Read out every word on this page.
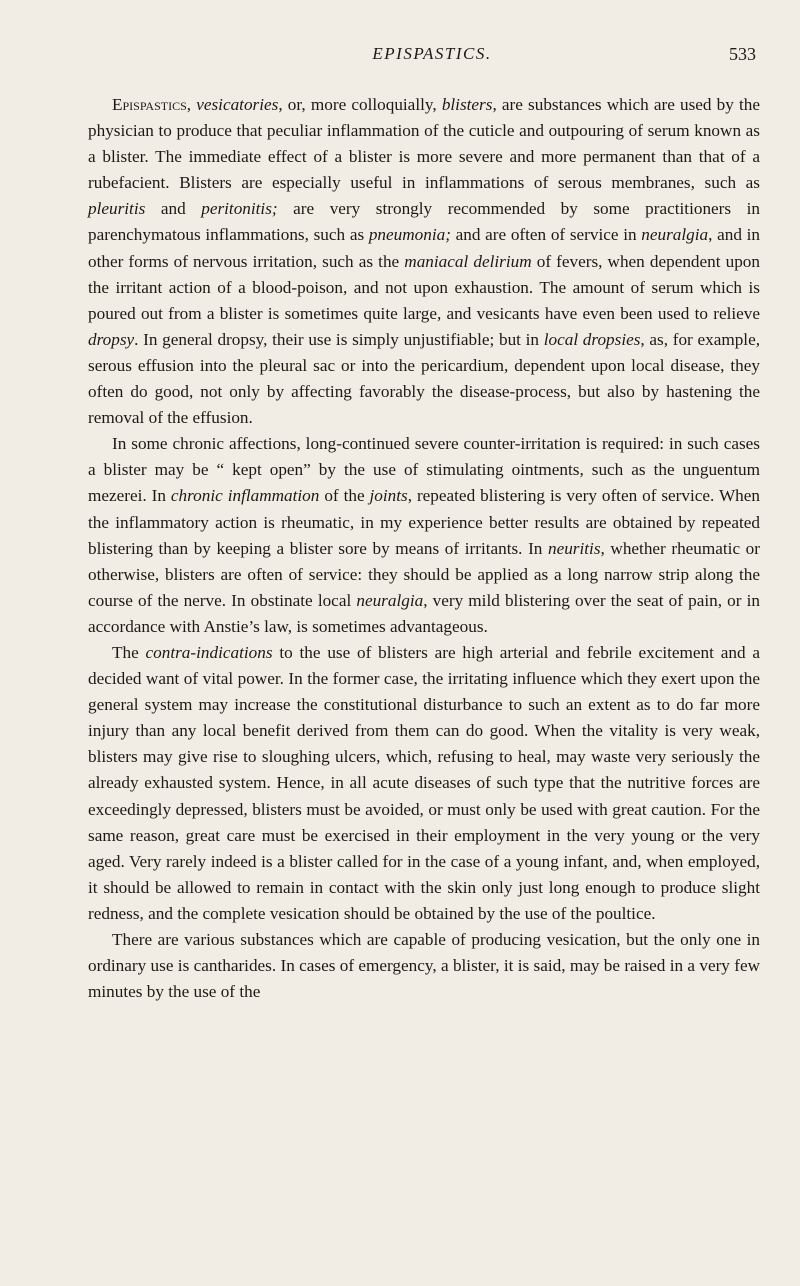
EPISPASTICS.	533

Epispastics, vesicatories, or, more colloquially, blisters, are substances which are used by the physician to produce that peculiar inflammation of the cuticle and outpouring of serum known as a blister. The immediate effect of a blister is more severe and more permanent than that of a rubefacient. Blisters are especially useful in inflammations of serous membranes, such as pleuritis and peritonitis; are very strongly recommended by some practitioners in parenchymatous inflammations, such as pneumonia; and are often of service in neuralgia, and in other forms of nervous irritation, such as the maniacal delirium of fevers, when dependent upon the irritant action of a blood-poison, and not upon exhaustion. The amount of serum which is poured out from a blister is sometimes quite large, and vesicants have even been used to relieve dropsy. In general dropsy, their use is simply unjustifiable; but in local dropsies, as, for example, serous effusion into the pleural sac or into the pericardium, dependent upon local disease, they often do good, not only by affecting favorably the disease-process, but also by hastening the removal of the effusion.

In some chronic affections, long-continued severe counter-irritation is required: in such cases a blister may be “ kept open” by the use of stimulating ointments, such as the unguentum mezerei. In chronic inflammation of the joints, repeated blistering is very often of service. When the inflammatory action is rheumatic, in my experience better results are obtained by repeated blistering than by keeping a blister sore by means of irritants. In neuritis, whether rheumatic or otherwise, blisters are often of service: they should be applied as a long narrow strip along the course of the nerve. In obstinate local neuralgia, very mild blistering over the seat of pain, or in accordance with Anstie’s law, is sometimes advantageous.

The contra-indications to the use of blisters are high arterial and febrile excitement and a decided want of vital power. In the former case, the irritating influence which they exert upon the general system may increase the constitutional disturbance to such an extent as to do far more injury than any local benefit derived from them can do good. When the vitality is very weak, blisters may give rise to sloughing ulcers, which, refusing to heal, may waste very seriously the already exhausted system. Hence, in all acute diseases of such type that the nutritive forces are exceedingly depressed, blisters must be avoided, or must only be used with great caution. For the same reason, great care must be exercised in their employment in the very young or the very aged. Very rarely indeed is a blister called for in the case of a young infant, and, when employed, it should be allowed to remain in contact with the skin only just long enough to produce slight redness, and the complete vesication should be obtained by the use of the poultice.

There are various substances which are capable of producing vesication, but the only one in ordinary use is cantharides. In cases of emergency, a blister, it is said, may be raised in a very few minutes by the use of the
